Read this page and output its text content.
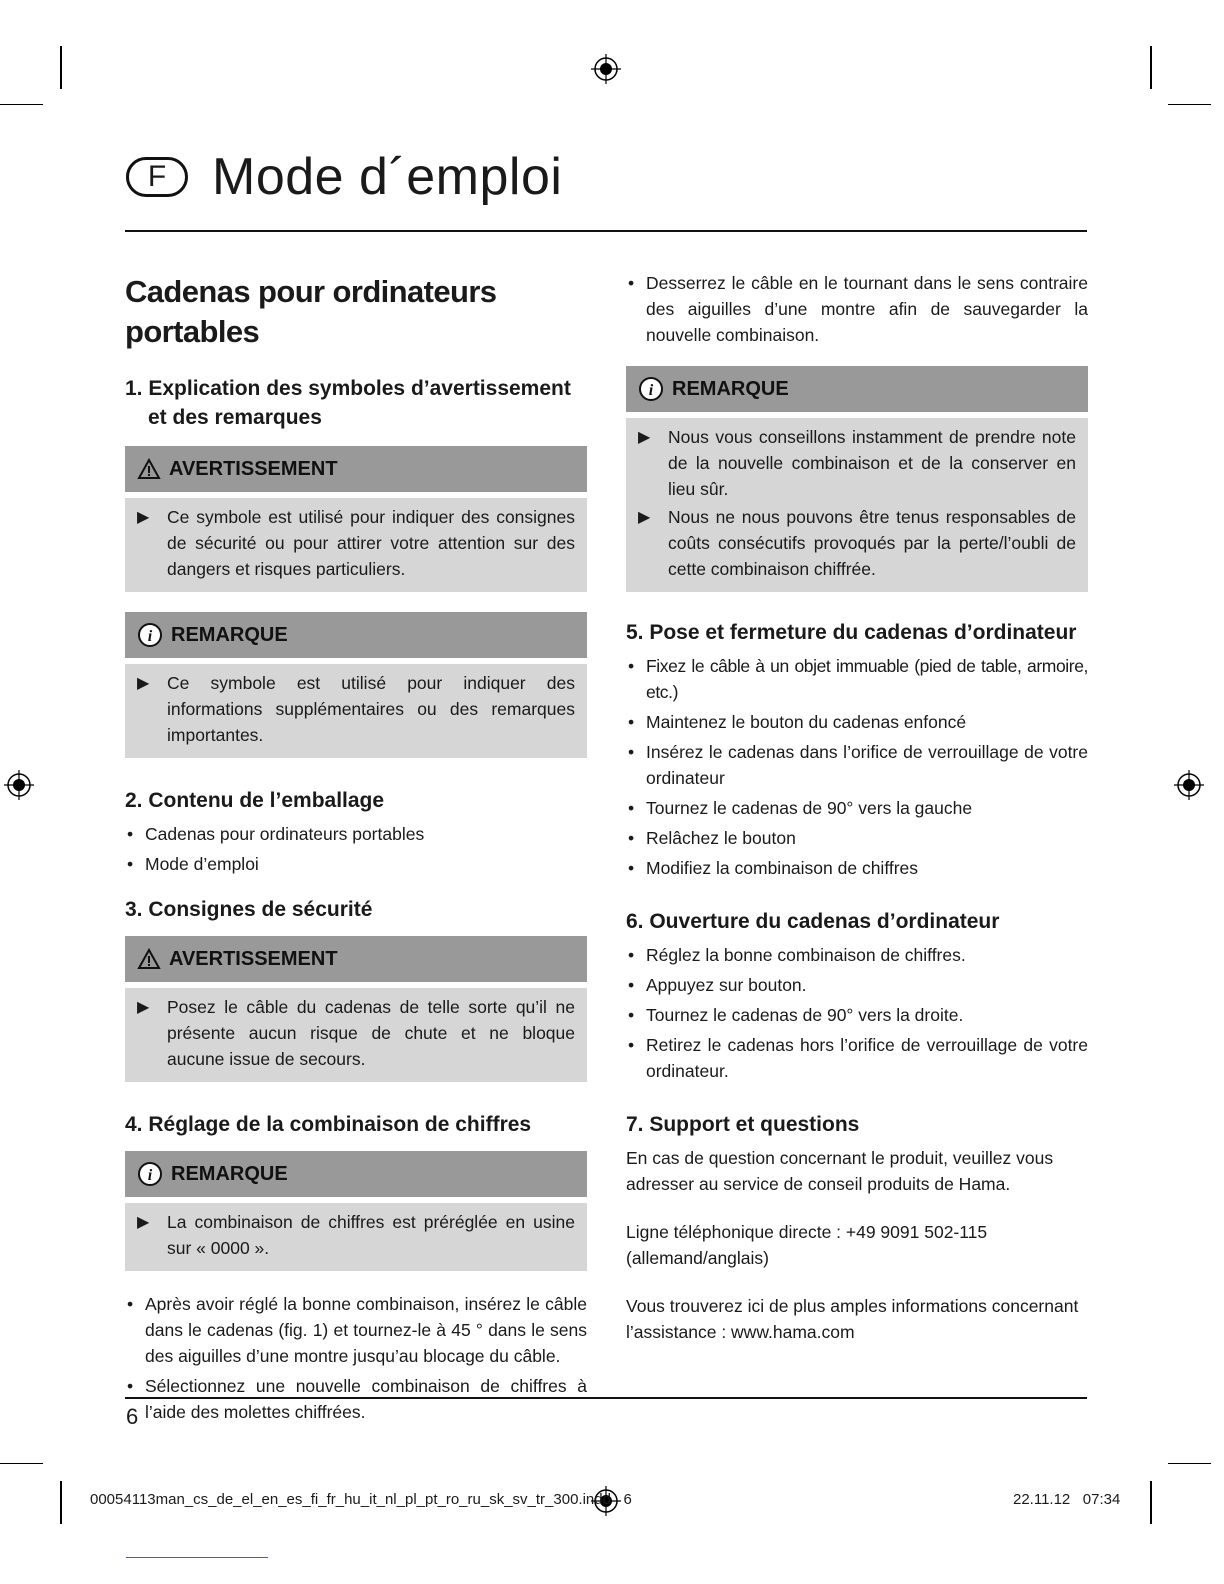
F Mode d´emploi
Cadenas pour ordinateurs portables
1. Explication des symboles d’avertissement et des remarques
AVERTISSEMENT
▶	Ce symbole est utilisé pour indiquer des consignes de sécurité ou pour attirer votre attention sur des dangers et risques particuliers.
i REMARQUE
▶	Ce symbole est utilisé pour indiquer des informations supplémentaires ou des remarques importantes.
2. Contenu de l’emballage
• Cadenas pour ordinateurs portables
• Mode d’emploi
3. Consignes de sécurité
AVERTISSEMENT
▶	Posez le câble du cadenas de telle sorte qu’il ne présente aucun risque de chute et ne bloque aucune issue de secours.
4. Réglage de la combinaison de chiffres
i REMARQUE
▶	La combinaison de chiffres est préréglée en usine sur « 0000 ».
• Après avoir réglé la bonne combinaison, insérez le câble dans le cadenas (fig. 1) et tournez-le à 45 ° dans le sens des aiguilles d’une montre jusqu’au blocage du câble.
• Sélectionnez une nouvelle combinaison de chiffres à l’aide des molettes chiffrées.
• Desserrez le câble en le tournant dans le sens contraire des aiguilles d’une montre afin de sauvegarder la nouvelle combinaison.
i REMARQUE
▶	Nous vous conseillons instamment de prendre note de la nouvelle combinaison et de la conserver en lieu sûr.
▶	Nous ne nous pouvons être tenus responsables de coûts consécutifs provoqués par la perte/l’oubli de cette combinaison chiffrée.
5. Pose et fermeture du cadenas d’ordinateur
• Fixez le câble à un objet immuable (pied de table, armoire, etc.)
• Maintenez le bouton du cadenas enfoncé
• Insérez le cadenas dans l’orifice de verrouillage de votre ordinateur
• Tournez le cadenas de 90° vers la gauche
• Relâchez le bouton
• Modifiez la combinaison de chiffres
6. Ouverture du cadenas d’ordinateur
• Réglez la bonne combinaison de chiffres.
• Appuyez sur bouton.
• Tournez le cadenas de 90° vers la droite.
• Retirez le cadenas hors l’orifice de verrouillage de votre ordinateur.
7. Support et questions

En cas de question concernant le produit, veuillez vous adresser au service de conseil produits de Hama.

Ligne téléphonique directe : +49 9091 502-115 (allemand/anglais)

Vous trouverez ici de plus amples informations concernant l’assistance : www.hama.com

6
00054113man_cs_de_el_en_es_fi_fr_hu_it_nl_pl_pt_ro_ru_sk_sv_tr_300.indd   6	22.11.12   07:34
